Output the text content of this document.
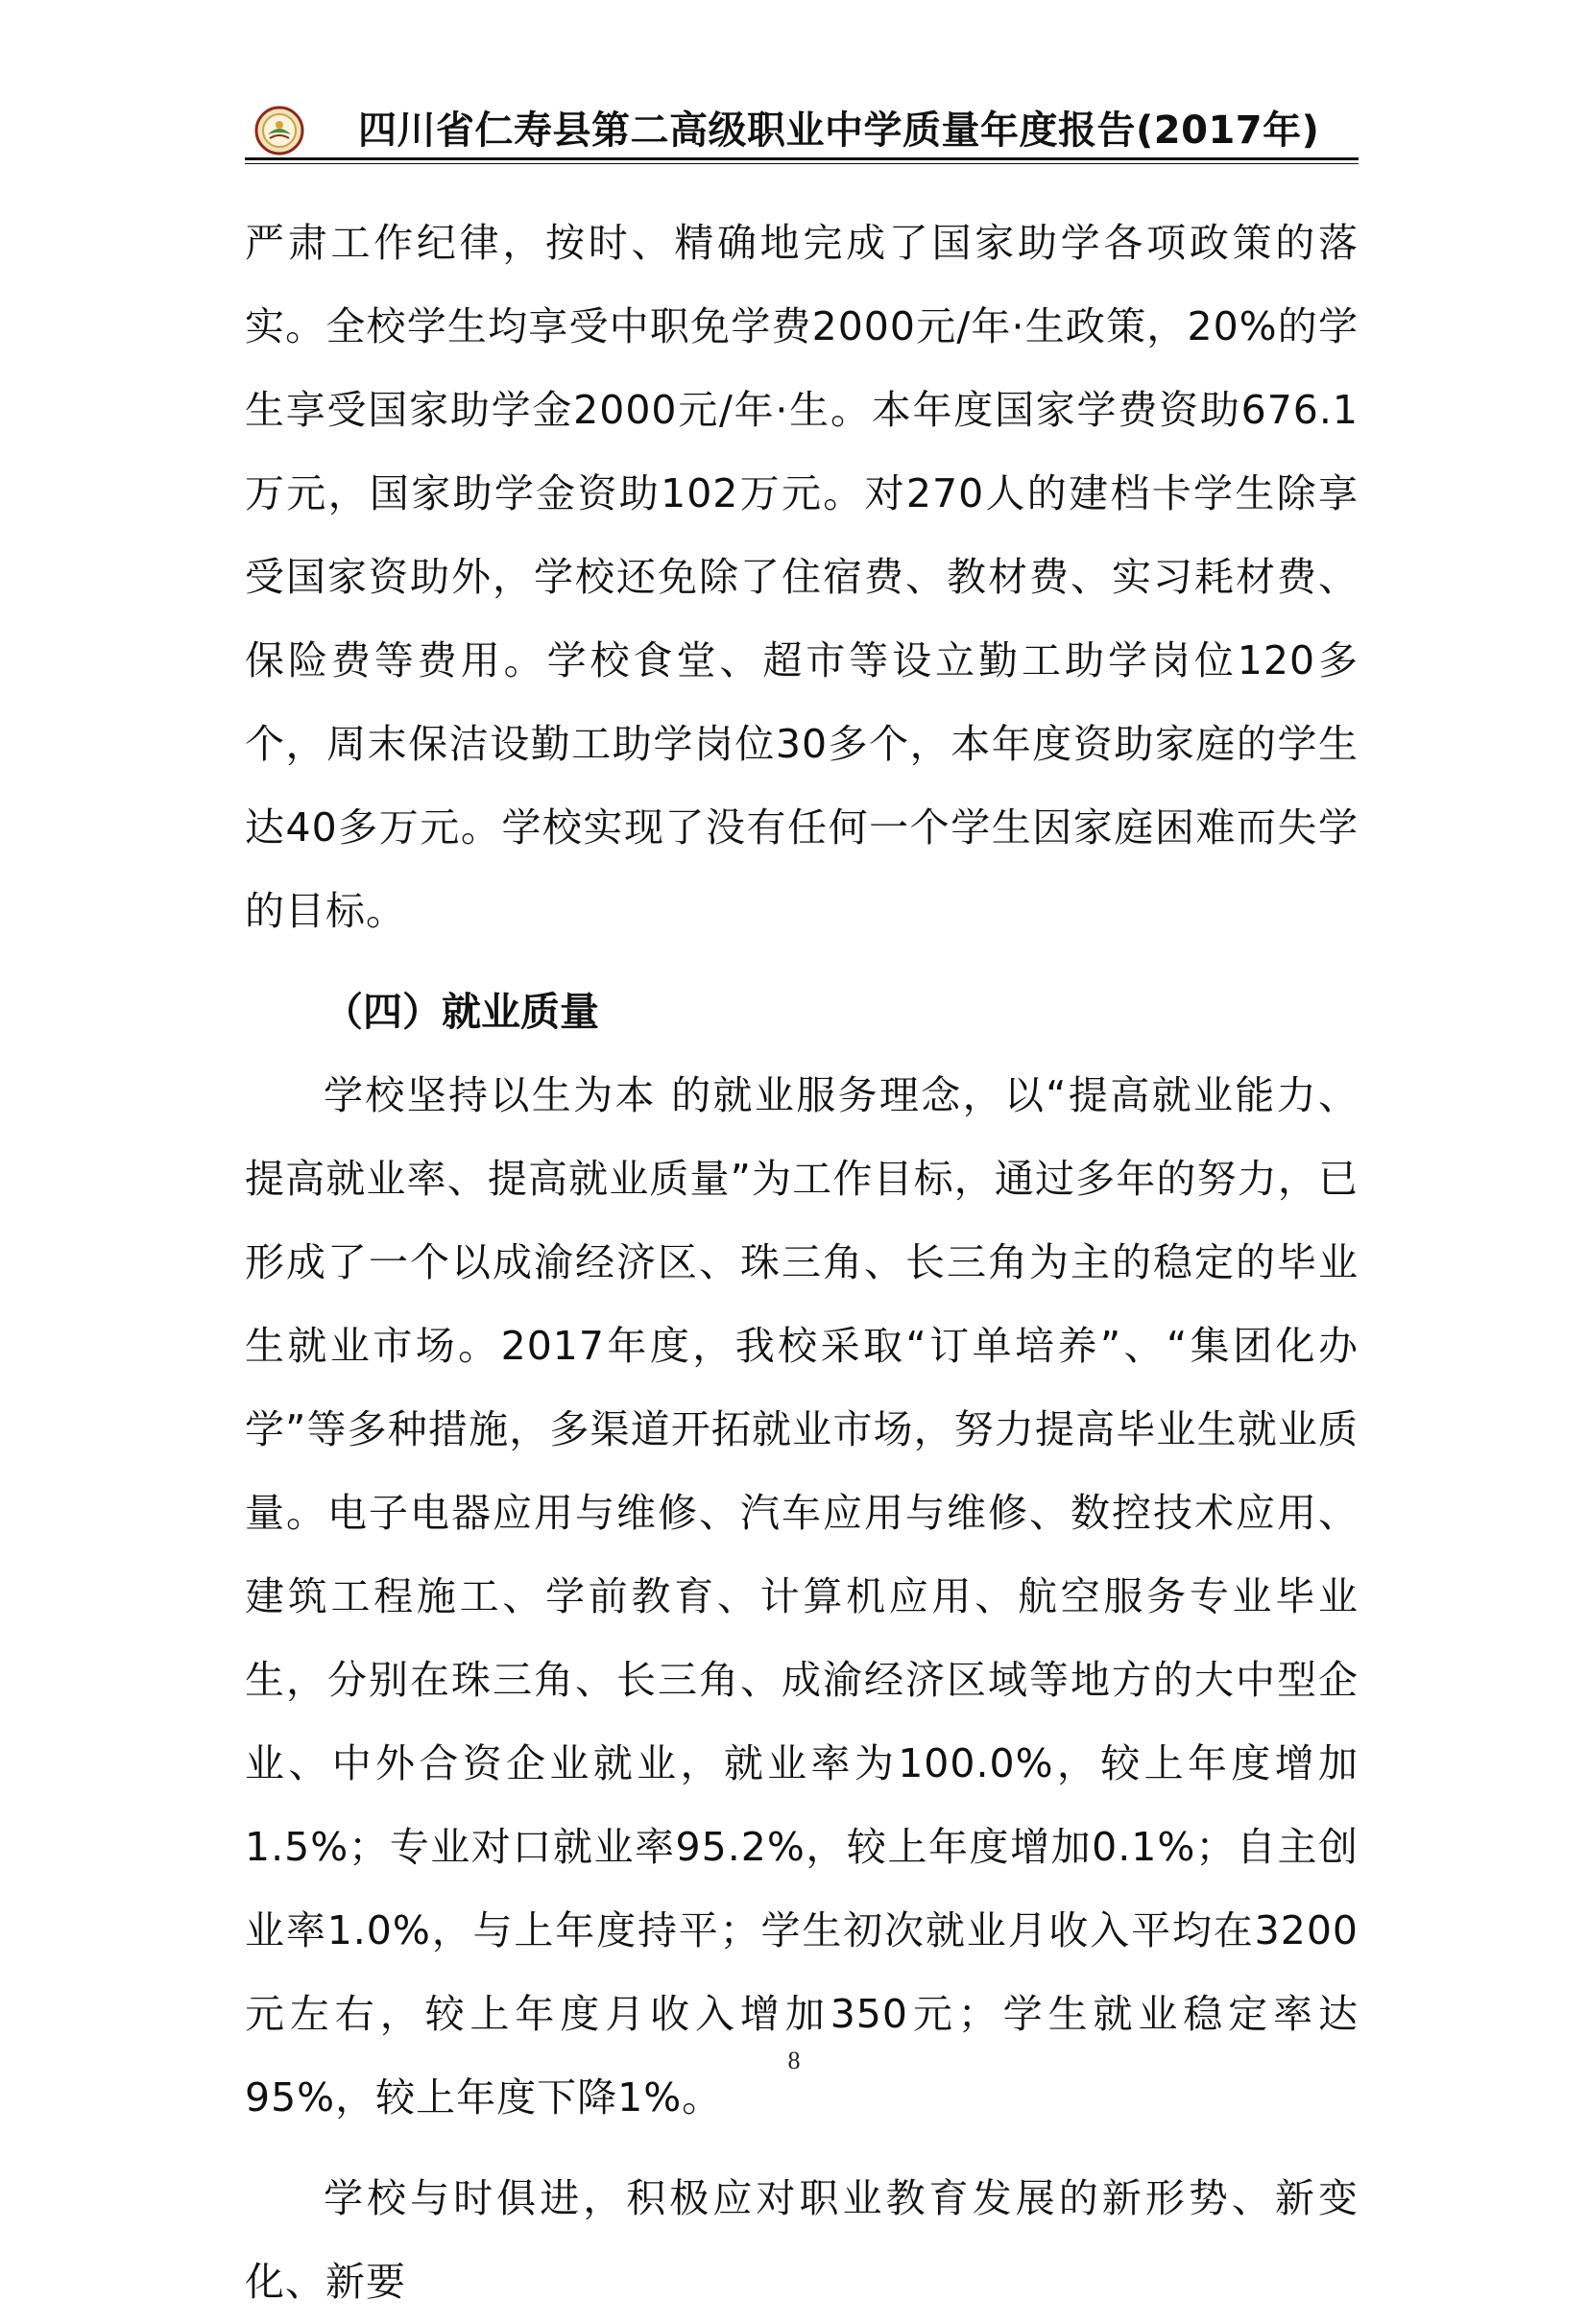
四川省仁寿县第二高级职业中学质量年度报告(2017年)

严肃工作纪律，按时、精确地完成了国家助学各项政策的落实。全校学生均享受中职免学费2000元/年·生政策，20%的学生享受国家助学金2000元/年·生。本年度国家学费资助676.1万元，国家助学金资助102万元。对270人的建档卡学生除享受国家资助外，学校还免除了住宿费、教材费、实习耗材费、保险费等费用。学校食堂、超市等设立勤工助学岗位120多个，周末保洁设勤工助学岗位30多个，本年度资助家庭的学生达40多万元。学校实现了没有任何一个学生因家庭困难而失学的目标。

（四）就业质量

学校坚持以生为本 的就业服务理念，以“提高就业能力、提高就业率、提高就业质量”为工作目标，通过多年的努力，已形成了一个以成渝经济区、珠三角、长三角为主的稳定的毕业生就业市场。2017年度，我校采取“订单培养”、“集团化办学”等多种措施，多渠道开拓就业市场，努力提高毕业生就业质量。电子电器应用与维修、汽车应用与维修、数控技术应用、建筑工程施工、学前教育、计算机应用、航空服务专业毕业生，分别在珠三角、长三角、成渝经济区域等地方的大中型企业、中外合资企业就业，就业率为100.0%，较上年度增加1.5%；专业对口就业率95.2%，较上年度增加0.1%；自主创业率1.0%，与上年度持平；学生初次就业月收入平均在3200元左右，较上年度月收入增加350元；学生就业稳定率达95%，较上年度下降1%。

学校与时俱进，积极应对职业教育发展的新形势、新变化、新要

8
